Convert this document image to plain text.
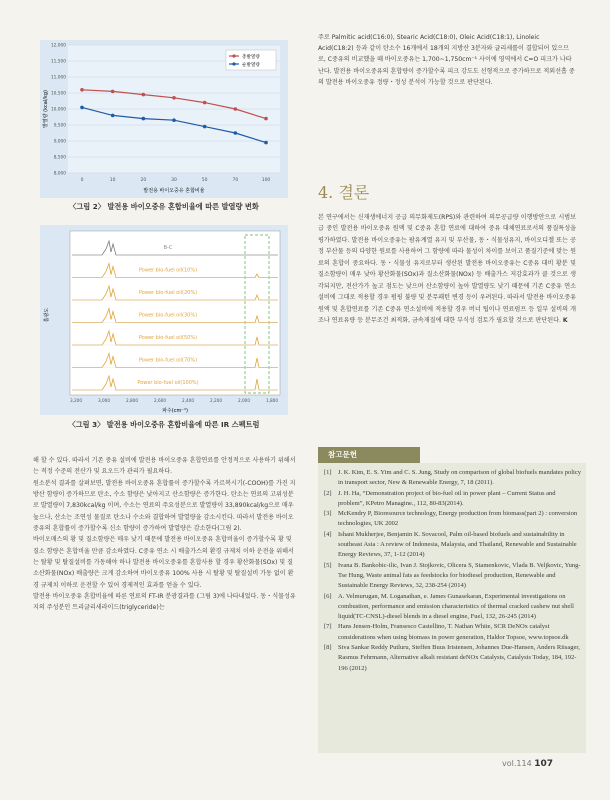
8,000
8,500
9,000
9,500
10,000
10,500
11,000
11,500
12,000
0	10	20	30	50	70	100
총발열량
순발열량
발전용 바이오중유 혼합비율
발열량 (kcal/kg)
〈그림 2〉 발전용 바이오중유 혼합비율에 따른 발열량 변화
B-C
Power bio-fuel oil(10%)
Power bio-fuel oil(20%)
Power bio-fuel oil(30%)
Power bio-fuel oil(50%)
Power bio-fuel oil(70%)
Power bio-fuel oil(100%)
3,200	3,000	2,800	2,600	2,400	2,200	2,000	1,800
파수(cm⁻¹)
흡광도
〈그림 3〉 발전용 바이오중유 혼합비율에 따른 IR 스펙트럼

해 할 수 있다. 따라서 기존 중유 설비에 발전용 바이오중유 혼합연료를 안정적으로 사용하기 위해서는 적정 수준의 전산가 및 요오드가 관리가 필요하다.

원소분석 결과를 살펴보면, 발전용 바이오중유 혼합률이 증가할수록 카르복시기(-COOH)를 가진 지방산 함량이 증가하므로 탄소, 수소 함량은 낮아지고 산소함량은 증가한다. 탄소는 연료의 고위성분로 발열량이 7,830kcal/kg 이며, 수소는 연료의 주요성분으로 발열량이 33,890kcal/kg으로 매우 높으나, 산소는 조연성 물질로 탄소나 수소와 결합하여 발열량을 감소시킨다. 따라서 발전용 바이오중유의 혼합률이 증가할수록 신소 함량이 증가하여 발열량은 감소한다(그림 2).

바이오매스의 황 및 질소함량은 매우 낮기 때문에 발전용 바이오중유 혼합비율이 증가할수록 황 및 질소 함량은 혼합비율 만큼 감소하였다. C중유 연소 시 배출가스의 환경 규제치 이하 운전을 위해서는 탈황 및 탈질설비를 가동해야 하나 발전용 바이오중유를 혼합사용 할 경우 황산화물(SOx) 및 질소산화물(NOx) 배출량은 크게 감소하여 바이오중유 100% 사용 시 탈황 및 탈질설비 가동 없이 환경 규제치 이하로 운전할 수 있어 경제적인 효과를 얻을 수 있다.

발전용 바이오중유 혼합비율에 따른 연료의 FT-IR 분광결과를 (그림 3)에 나타내었다. 동・식물성유지의 주성분인 트리글리세라이드(triglyceride)는

주로 Palmitic acid(C16:0), Stearic Acid(C18:0), Oleic Acid(C18:1), Linoleic Acid(C18:2) 등과 같이 탄소수 16개에서 18개의 지방산 3분자와 글리세롤이 결합되어 있으므로, C중유의 비교했을 때 바이오중유는 1,700~1,750cm⁻¹ 사이에 영역에서 C=O 피크가 나타난다. 발전용 바이오중유의 혼합량이 증가할수록 피크 강도도 선형적으로 증가하므로 적외선흡 중의 발전용 바이오중유 정량・정성 분석이 가능할 것으로 판단된다.
4. 결론
본 연구에서는 신재생에너지 공급 의무화제도(RPS)와 관련하여 의무공급량 이행방안으로 시범보급 중인 발전용 바이오중유 원액 및 C중유 혼합 연료에 대하여 중유 대체연료로서의 품질특성을 평가하였다. 발전용 바이오중유는 팜유계열 유지 및 부산물, 동・식물성유지, 바이오디젤 또는 공정 부산물 등의 다양한 원료를 사용하여 그 함량에 따라 물성이 차이를 보이고 품질기준에 맞는 원료의 혼합이 중요하다. 동・식물성 유지로부터 생산된 발전용 바이오중유는 C중유 대비 황분 및 질소함량이 매우 낮아 황산화물(SOx)과 질소산화물(NOx) 등 배출가스 저감효과가 클 것으로 생각되지만, 전산가가 높고 점도는 낮으며 산소함량이 높아 발열량도 낮기 때문에 기존 C중유 연소설비에 그대로 적용할 경우 펌핑 불량 및 분무패턴 변경 등이 우려된다. 따라서 발전용 바이오중유 원액 및 혼합연료를 기존 C중유 연소설비에 적용할 경우 버너 팁이나 연료펌프 등 일부 설비의 개조나 연료유량 등 분무조건 최적화, 금속재질에 대한 부식성 검토가 필요할 것으로 판단된다. K
참고문헌
[1] J. K. Kim, E. S. Yim and C. S. Jung, Study on comparison of global biofuels mandates policy in transport sector, New & Renewable Energy, 7, 18 (2011).
[2] J. H. Ha, “Demonstration project of bio-fuel oil in power plant – Current Status and problem”, KPetro Managine., 112, 80-83(2014).
[3] McKendry P, Bioresource technology, Energy production from biomass(part 2) : conversion technologies, UK 2002
[4] Ishani Mukherjee, Benjamin K. Sovacool, Palm oil-based biofuels and sustainability in southeast Asia : A review of Indonesia, Malaysia, and Thailand, Renewable and Sustainable Energy Reviews, 37, 1-12 (2014)
[5] Ivana B. Bankobic-ilic, Ivan J. Stojkovic, Olicera S, Stamenkovic, Vlada B. Veljkovic, Yung-Tse Hung, Waste animal fats as feedstocks for biodiesel production, Renewable and Sustainable Energy Reviews, 32, 238-254 (2014)
[6] A. Velmurugan, M. Loganathan, e. James Gunasekaran, Experimental investigations on combustion, performance and emission characteristics of thermal cracked cashew nut shell liquid(TC-CNSL)-diesel blends in a diesel engine, Fuel, 132, 26-245 (2014)
[7] Hans Jensen-Holm, Fransesco Castellino, T. Nathan White, SCR DeNOx catalyst considerations when using biomass in power generation, Haldor Topsoe, www.topsoe.dk
[8] Siva Sankar Reddy Putluru, Steffen Buus Iristensen, Johannes Due-Hansen, Anders Riisager, Rasmus Fehrmann, Alternative alkali resistant deNOx Catalysts, Catalysis Today, 184, 192-196 (2012)
vol.114 107
